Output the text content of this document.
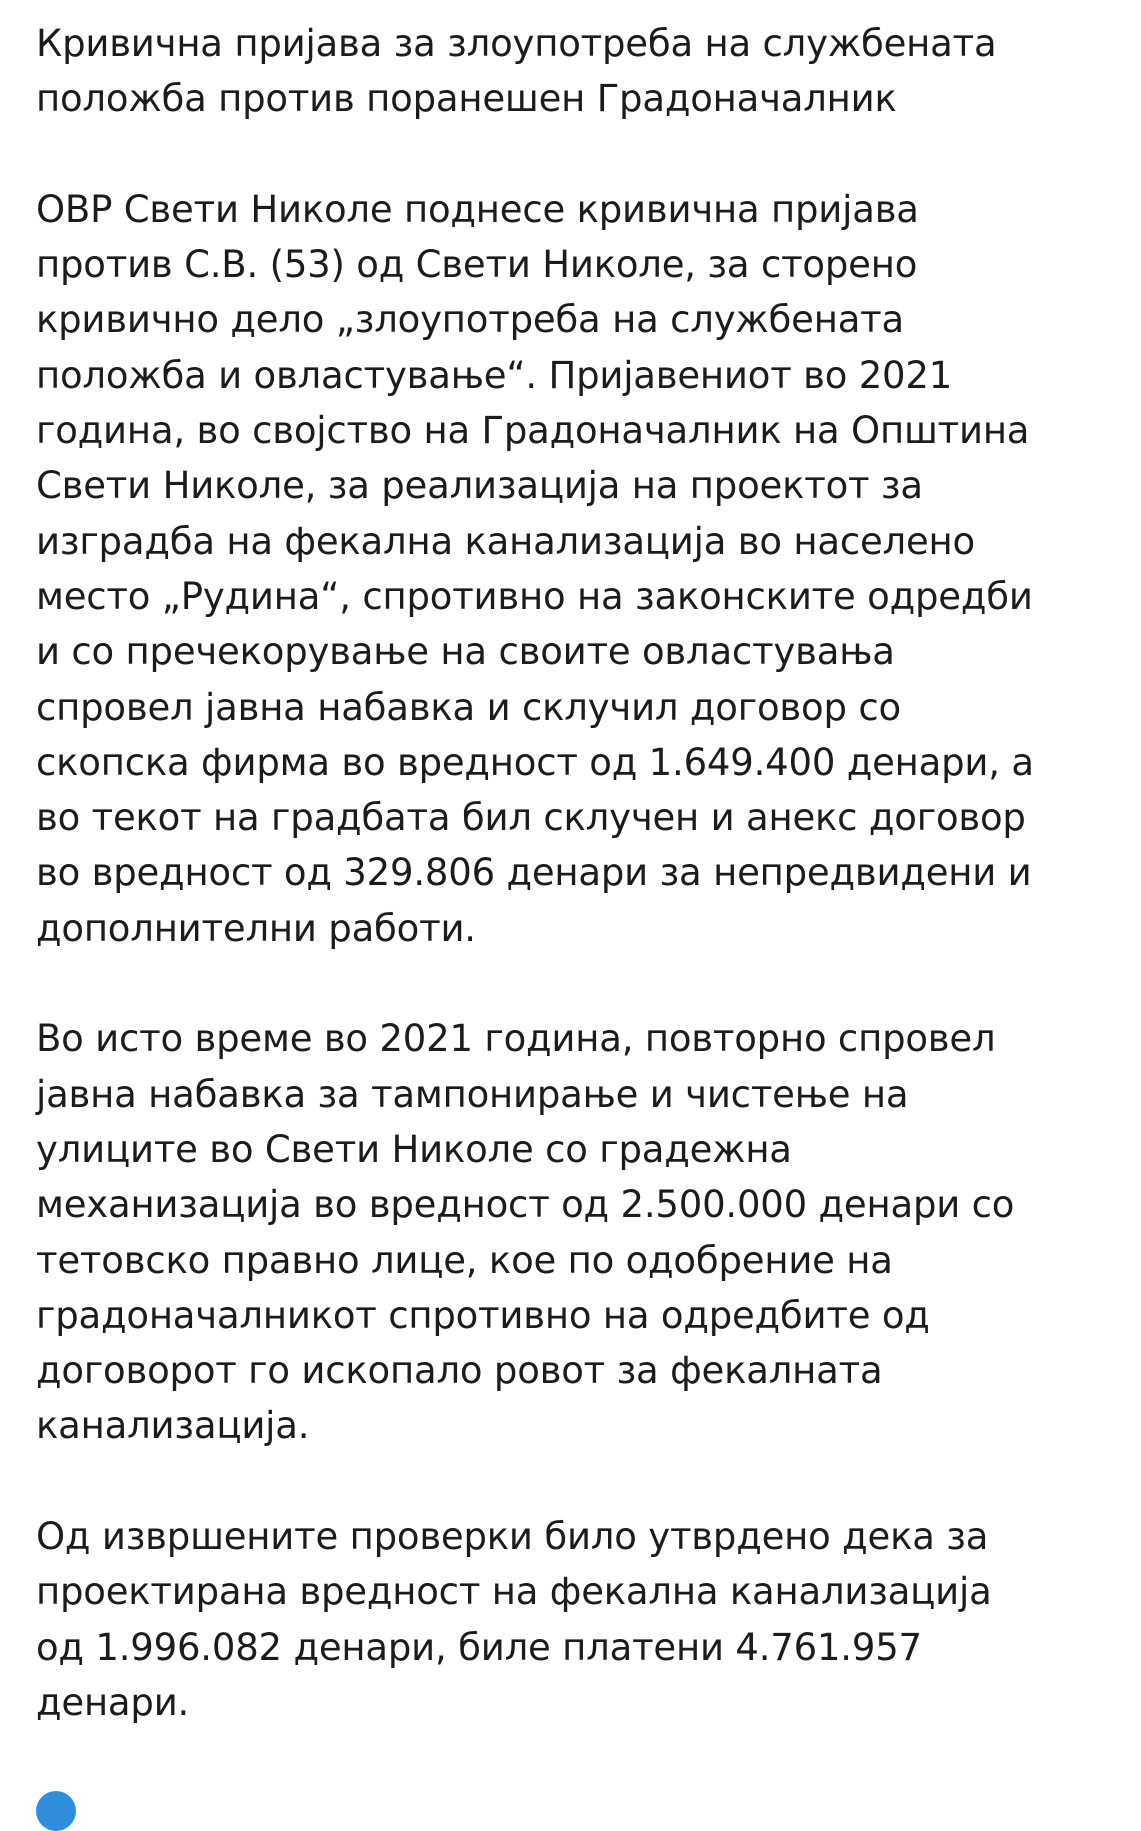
Кривична пријава за злоупотреба на службената
положба против поранешен Градоначалник

ОВР Свети Николе поднесе кривична пријава
против С.В. (53) од Свети Николе, за сторено
кривично дело „злоупотреба на службената
положба и овластување“. Пријавениот во 2021
година, во својство на Градоначалник на Општина
Свети Николе, за реализација на проектот за
изградба на фекална канализација во населено
место „Рудина“, спротивно на законските одредби
и со пречекорување на своите овластувања
спровел јавна набавка и склучил договор со
скопска фирма во вредност од 1.649.400 денари, а
во текот на градбата бил склучен и анекс договор
во вредност од 329.806 денари за непредвидени и
дополнителни работи.

Во исто време во 2021 година, повторно спровел
јавна набавка за тампонирање и чистење на
улиците во Свети Николе со градежна
механизација во вредност од 2.500.000 денари со
тетовско правно лице, кое по одобрение на
градоначалникот спротивно на одредбите од
договорот го ископало ровот за фекалната
канализација.

Од извршените проверки било утврдено дека за
проектирана вредност на фекална канализација
од 1.996.082 денари, биле платени 4.761.957
денари.
